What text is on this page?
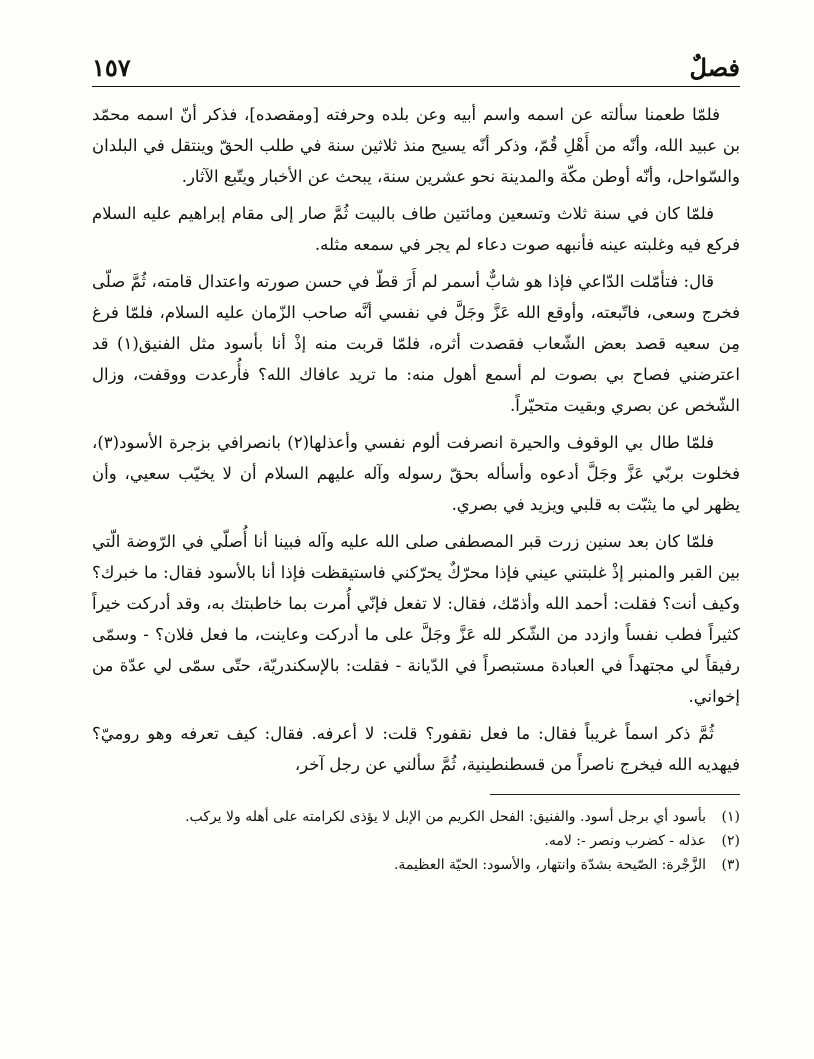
فصلٌ
١٥٧

فلمّا طعمنا سألته عن اسمه واسم أبيه وعن بلده وحرفته [ومقصده]، فذكر أنّ اسمه محمّد بن عبيد الله، وأنّه من أَهْلِ قُمّ، وذكر أنّه يسيح منذ ثلاثين سنة في طلب الحقّ وينتقل في البلدان والسّواحل، وأنّه أوطن مكّة والمدينة نحو عشرين سنة، يبحث عن الأخبار ويتّبع الآثار.

فلمّا كان في سنة ثلاث وتسعين ومائتين طاف بالبيت ثُمَّ صار إلى مقام إبراهيم عليه السلام فركع فيه وغلبته عينه فأنبهه صوت دعاء لم يجر في سمعه مثله.

قال: فتأمّلت الدّاعي فإذا هو شابٌّ أسمر لم أَرَ قطّ في حسن صورته واعتدال قامته، ثُمَّ صلّى فخرج وسعى، فاتّبعته، وأوقع الله عَزَّ وجَلَّ في نفسي أنَّه صاحب الزّمان عليه السلام، فلمّا فرغ مِن سعيه قصد بعض الشّعاب فقصدت أثره، فلمّا قربت منه إذْ أنا بأسود مثل الفنيق(١) قد اعترضني فصاح بي بصوت لم أسمع أهول منه: ما تريد عافاك الله؟ فأُرعدت ووقفت، وزال الشّخص عن بصري وبقيت متحيّراً.

فلمّا طال بي الوقوف والحيرة انصرفت ألوم نفسي وأعذلها(٢) بانصرافي بزجرة الأسود(٣)، فخلوت بربّي عَزَّ وجَلَّ أدعوه وأسأله بحقّ رسوله وآله عليهم السلام أن لا يخيّب سعيي، وأن يظهر لي ما يثبّت به قلبي ويزيد في بصري.

فلمّا كان بعد سنين زرت قبر المصطفى صلى الله عليه وآله فبينا أنا أُصلّي في الرّوضة الّتي بين القبر والمنبر إذْ غلبتني عيني فإذا محرّكٌ يحرّكني فاستيقظت فإذا أنا بالأسود فقال: ما خبرك؟ وكيف أنت؟ فقلت: أحمد الله وأذمّك، فقال: لا تفعل فإنّي أُمرت بما خاطبتك به، وقد أدركت خيراً كثيراً فطب نفساً وازدد من الشّكر لله عَزَّ وجَلَّ على ما أدركت وعاينت، ما فعل فلان؟ - وسمّى رفيقاً لي مجتهداً في العبادة مستبصراً في الدّيانة - فقلت: بالإسكندريّة، حتّى سمّى لي عدّة من إخواني.

ثُمَّ ذكر اسماً غريباً فقال: ما فعل نقفور؟ قلت: لا أعرفه. فقال: كيف تعرفه وهو روميّ؟ فيهديه الله فيخرج ناصراً من قسطنطينية، ثُمَّ سألني عن رجل آخر،

(١)
بأسود أي برجل أسود. والفنيق: الفحل الكريم من الإبل لا يؤذى لكرامته على أهله ولا يركب.
(٢)
عذله - كضرب ونصر -: لامه.
(٣)
الزَّجْرة: الصّيحة بشدّة وانتهار، والأسود: الحيّة العظيمة.
